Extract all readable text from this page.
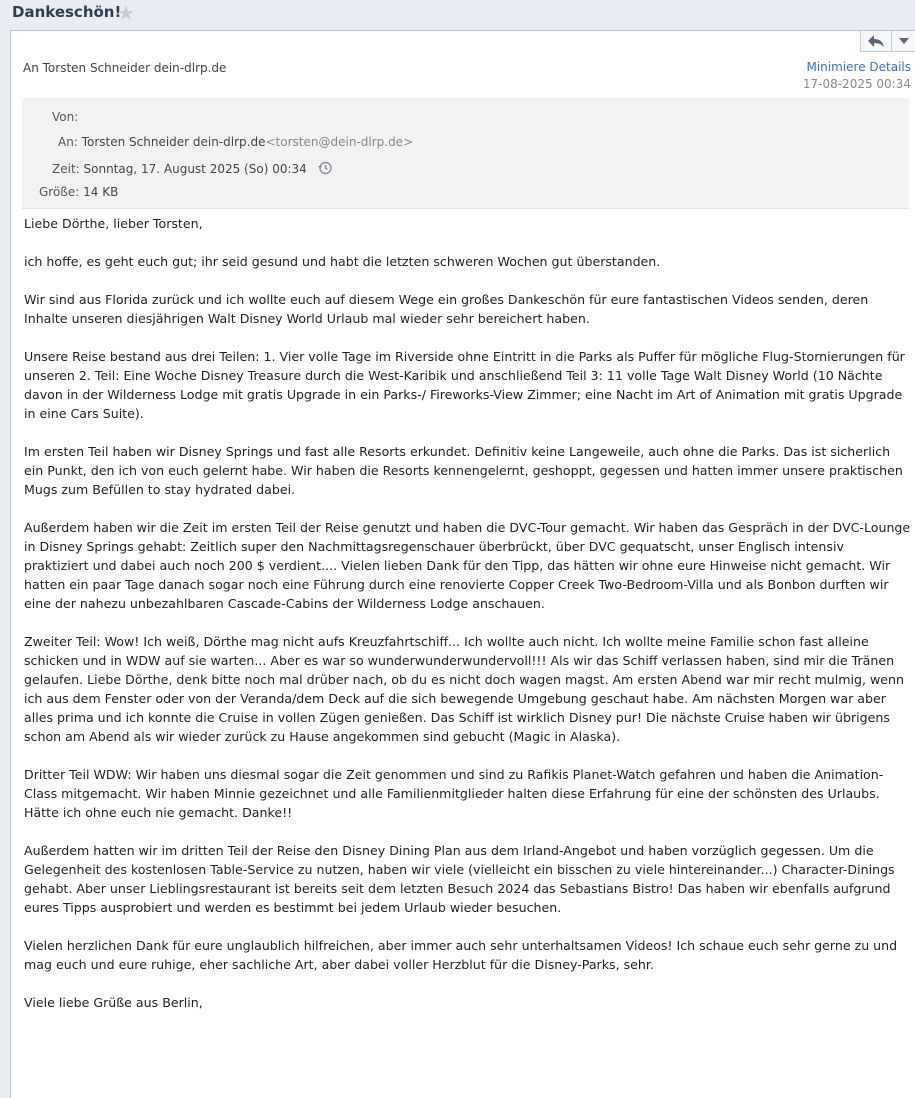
Dankeschön!
★
An Torsten Schneider dein-dlrp.de	Minimiere Details
17-08-2025 00:34
Von:
An: Torsten Schneider dein-dlrp.de<torsten@dein-dlrp.de>
Zeit: Sonntag, 17. August 2025 (So) 00:34
Größe: 14 KB

Liebe Dörthe, lieber Torsten,

ich hoffe, es geht euch gut; ihr seid gesund und habt die letzten schweren Wochen gut überstanden.

Wir sind aus Florida zurück und ich wollte euch auf diesem Wege ein großes Dankeschön für eure fantastischen Videos senden, deren Inhalte unseren diesjährigen Walt Disney World Urlaub mal wieder sehr bereichert haben.

Unsere Reise bestand aus drei Teilen: 1. Vier volle Tage im Riverside ohne Eintritt in die Parks als Puffer für mögliche Flug-Stornierungen für unseren 2. Teil: Eine Woche Disney Treasure durch die West-Karibik und anschließend Teil 3: 11 volle Tage Walt Disney World (10 Nächte davon in der Wilderness Lodge mit gratis Upgrade in ein Parks-/ Fireworks-View Zimmer; eine Nacht im Art of Animation mit gratis Upgrade in eine Cars Suite).

Im ersten Teil haben wir Disney Springs und fast alle Resorts erkundet. Definitiv keine Langeweile, auch ohne die Parks. Das ist sicherlich ein Punkt, den ich von euch gelernt habe. Wir haben die Resorts kennengelernt, geshoppt, gegessen und hatten immer unsere praktischen Mugs zum Befüllen to stay hydrated dabei.

Außerdem haben wir die Zeit im ersten Teil der Reise genutzt und haben die DVC-Tour gemacht. Wir haben das Gespräch in der DVC-Lounge in Disney Springs gehabt: Zeitlich super den Nachmittagsregenschauer überbrückt, über DVC gequatscht, unser Englisch intensiv praktiziert und dabei auch noch 200 $ verdient.... Vielen lieben Dank für den Tipp, das hätten wir ohne eure Hinweise nicht gemacht. Wir hatten ein paar Tage danach sogar noch eine Führung durch eine renovierte Copper Creek Two-Bedroom-Villa und als Bonbon durften wir eine der nahezu unbezahlbaren Cascade-Cabins der Wilderness Lodge anschauen.

Zweiter Teil: Wow! Ich weiß, Dörthe mag nicht aufs Kreuzfahrtschiff... Ich wollte auch nicht. Ich wollte meine Familie schon fast alleine schicken und in WDW auf sie warten... Aber es war so wunderwunderwundervoll!!! Als wir das Schiff verlassen haben, sind mir die Tränen gelaufen. Liebe Dörthe, denk bitte noch mal drüber nach, ob du es nicht doch wagen magst. Am ersten Abend war mir recht mulmig, wenn ich aus dem Fenster oder von der Veranda/dem Deck auf die sich bewegende Umgebung geschaut habe. Am nächsten Morgen war aber alles prima und ich konnte die Cruise in vollen Zügen genießen. Das Schiff ist wirklich Disney pur! Die nächste Cruise haben wir übrigens schon am Abend als wir wieder zurück zu Hause angekommen sind gebucht (Magic in Alaska).

Dritter Teil WDW: Wir haben uns diesmal sogar die Zeit genommen und sind zu Rafikis Planet-Watch gefahren und haben die Animation-Class mitgemacht. Wir haben Minnie gezeichnet und alle Familienmitglieder halten diese Erfahrung für eine der schönsten des Urlaubs. Hätte ich ohne euch nie gemacht. Danke!!

Außerdem hatten wir im dritten Teil der Reise den Disney Dining Plan aus dem Irland-Angebot und haben vorzüglich gegessen. Um die Gelegenheit des kostenlosen Table-Service zu nutzen, haben wir viele (vielleicht ein bisschen zu viele hintereinander...) Character-Dinings gehabt. Aber unser Lieblingsrestaurant ist bereits seit dem letzten Besuch 2024 das Sebastians Bistro! Das haben wir ebenfalls aufgrund eures Tipps ausprobiert und werden es bestimmt bei jedem Urlaub wieder besuchen.

Vielen herzlichen Dank für eure unglaublich hilfreichen, aber immer auch sehr unterhaltsamen Videos! Ich schaue euch sehr gerne zu und mag euch und eure ruhige, eher sachliche Art, aber dabei voller Herzblut für die Disney-Parks, sehr.

Viele liebe Grüße aus Berlin,
